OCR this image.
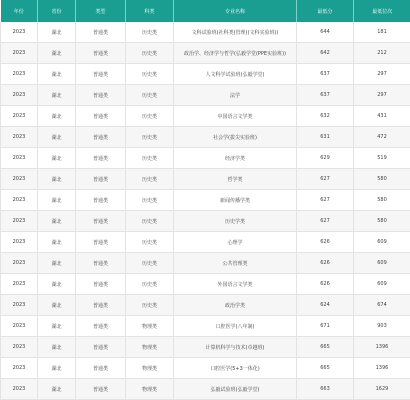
年份	省份	类型	科类	专业名称	最低分	最低位次
2023	湖北	普通类	历史类	文科试验班(社科类(管理)(文科实验班))	644	181
2023	湖北	普通类	历史类	政治学、经济学与哲学(弘毅学堂(PPE实验班))	642	212
2023	湖北	普通类	历史类	人文科学试验班(弘毅学堂)	637	297
2023	湖北	普通类	历史类	法学	637	297
2023	湖北	普通类	历史类	中国语言文学类	632	431
2023	湖北	普通类	历史类	社会学(拔尖实验班)	631	472
2023	湖北	普通类	历史类	经济学类	629	519
2023	湖北	普通类	历史类	哲学类	627	580
2023	湖北	普通类	历史类	新闻传播学类	627	580
2023	湖北	普通类	历史类	历史学类	627	580
2023	湖北	普通类	历史类	心理学	626	609
2023	湖北	普通类	历史类	公共管理类	626	609
2023	湖北	普通类	历史类	外国语言文学类	626	609
2023	湖北	普通类	历史类	政治学类	624	674
2023	湖北	普通类	物理类	口腔医学(八年制)	671	903
2023	湖北	普通类	物理类	计算机科学与技术(卓越班)	665	1396
2023	湖北	普通类	物理类	口腔医学(5+3一体化)	665	1396
2023	湖北	普通类	物理类	弘毅试验班(弘毅学堂)	663	1629
